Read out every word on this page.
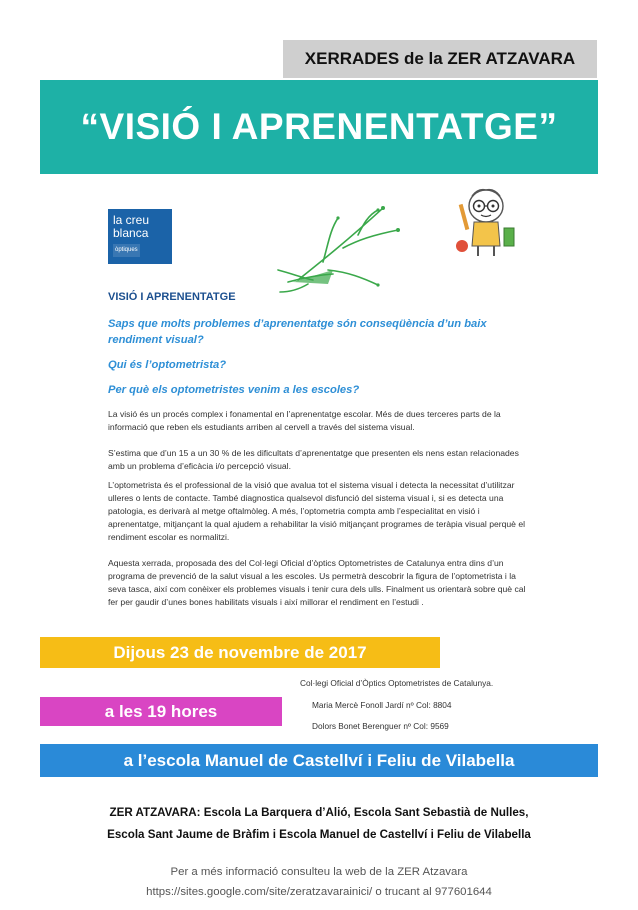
XERRADES de la ZER ATZAVARA
“VISIÓ I APRENENTATGE”
la creu
blanca
òptiques
VISIÓ I APRENENTATGE
Saps que molts problemes d’aprenentatge són conseqüència d’un baix rendiment visual?
Qui és l’optometrista?
Per què els optometristes venim a les escoles?
La visió és un procés complex i fonamental en l’aprenentatge escolar. Més de dues terceres parts de la informació que reben els estudiants arriben al cervell a través del sistema visual.
S’estima que d’un 15 a un 30 % de les dificultats d’aprenentatge que presenten els nens estan relacionades amb un problema d’eficàcia i/o percepció visual.
L’optometrista és el professional de la visió que avalua tot el sistema visual i detecta la necessitat d’utilitzar ulleres o lents de contacte. També diagnostica qualsevol disfunció del sistema visual i, si es detecta una patologia, es derivarà al metge oftalmòleg. A més, l’optometria compta amb l’especialitat en visió i aprenentatge, mitjançant la qual ajudem a rehabilitar la visió mitjançant programes de teràpia visual perquè el rendiment escolar es normalitzi.
Aquesta xerrada, proposada des del Col·legi Oficial d’òptics Optometristes de Catalunya entra dins d’un programa de prevenció de la salut visual a les escoles. Us permetrà descobrir la figura de l’optometrista i la seva tasca, així com conèixer els problemes visuals i tenir cura dels ulls. Finalment us orientarà sobre què cal fer per gaudir d’unes bones habilitats visuals i així millorar el rendiment en l’estudi .
Dijous 23 de novembre de 2017
Col·legi Oficial d’Òptics Optometristes de Catalunya.
Maria Mercè Fonoll Jardí nº Col: 8804
Dolors Bonet Berenguer nº Col: 9569
a les 19 hores
a l’escola Manuel de Castellví i Feliu de Vilabella
ZER ATZAVARA: Escola La Barquera d’Alió, Escola Sant Sebastià de Nulles,
Escola Sant Jaume de Bràfim i Escola Manuel de Castellví i Feliu de Vilabella
Per a més informació consulteu la web de la ZER Atzavara
https://sites.google.com/site/zeratzavarainici/ o trucant al 977601644
